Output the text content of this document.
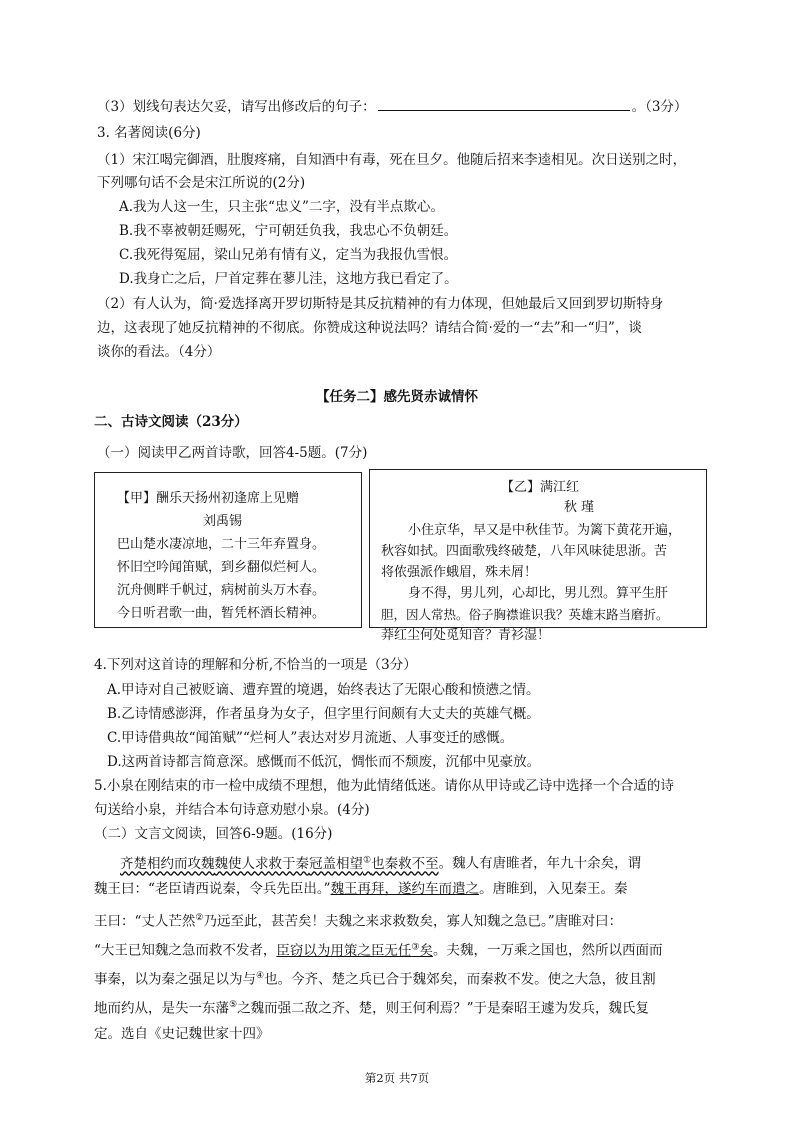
（3）划线句表达欠妥，请写出修改后的句子：	。（3分）
3. 名著阅读(6分)
（1）宋江喝完御酒，肚腹疼痛，自知酒中有毒，死在旦夕。他随后招来李逵相见。次日送别之时，
下列哪句话不会是宋江所说的(2分)
A.我为人这一生，只主张“忠义”二字，没有半点欺心。
B.我不辜被朝廷赐死，宁可朝廷负我，我忠心不负朝廷。
C.我死得冤屈，梁山兄弟有情有义，定当为我报仇雪恨。
D.我身亡之后，尸首定葬在蓼儿洼，这地方我已看定了。
（2）有人认为，简·爱选择离开罗切斯特是其反抗精神的有力体现，但她最后又回到罗切斯特身
边，这表现了她反抗精神的不彻底。你赞成这种说法吗？请结合简·爱的一“去”和一“归”，谈
谈你的看法。（4分）
【任务二】感先贤赤诚情怀
二、古诗文阅读（23分）
（一）阅读甲乙两首诗歌，回答4-5题。(7分)
【甲】酬乐天扬州初逢席上见赠
刘禹锡
巴山楚水凄凉地，二十三年弃置身。
怀旧空吟闻笛赋，到乡翻似烂柯人。
沉舟侧畔千帆过，病树前头万木春。
今日听君歌一曲，暂凭杯酒长精神。
【乙】满江红
秋 瑾
小住京华，早又是中秋佳节。为篱下黄花开遍，
秋容如拭。四面歌残终破楚，八年风味徒思浙。苦
将侬强派作蛾眉，殊未屑！
身不得，男儿列，心却比，男儿烈。算平生肝
胆，因人常热。俗子胸襟谁识我？英雄末路当磨折。
莽红尘何处觅知音？青衫湿！
4.下列对这首诗的理解和分析,不恰当的一项是（3分）
A.甲诗对自己被贬谪、遭弃置的境遇，始终表达了无限心酸和愤懑之情。
B.乙诗情感澎湃，作者虽身为女子，但字里行间颇有大丈夫的英雄气概。
C.甲诗借典故“闻笛赋”“烂柯人”表达对岁月流逝、人事变迁的感慨。
D.这两首诗都言简意深。感慨而不低沉，惆怅而不颓废，沉郁中见豪放。
5.小泉在刚结束的市一检中成绩不理想，他为此情绪低迷。请你从甲诗或乙诗中选择一个合适的诗
句送给小泉，并结合本句诗意劝慰小泉。(4分)
（二）文言文阅读，回答6-9题。(16分)
齐楚相约而攻魏魏使人求救于秦冠盖相望①也秦救不至。魏人有唐睢者，年九十余矣，谓
魏王曰：“老臣请西说秦，令兵先臣出。”魏王再拜，遂约车而遣之。唐睢到，入见秦王。秦
王曰：“丈人芒然②乃远至此，甚苦矣！夫魏之来求救数矣，寡人知魏之急已。”唐睢对曰：
“大王已知魏之急而救不发者，臣窃以为用策之臣无任③矣。夫魏，一万乘之国也，然所以西面而
事秦，以为秦之强足以为与④也。今齐、楚之兵已合于魏郊矣，而秦救不发。使之大急，彼且割
地而约从，是失一东藩⑤之魏而强二敌之齐、楚，则王何利焉？”于是秦昭王遽为发兵，魏氏复
定。选自《史记魏世家十四》
第2页 共7页
